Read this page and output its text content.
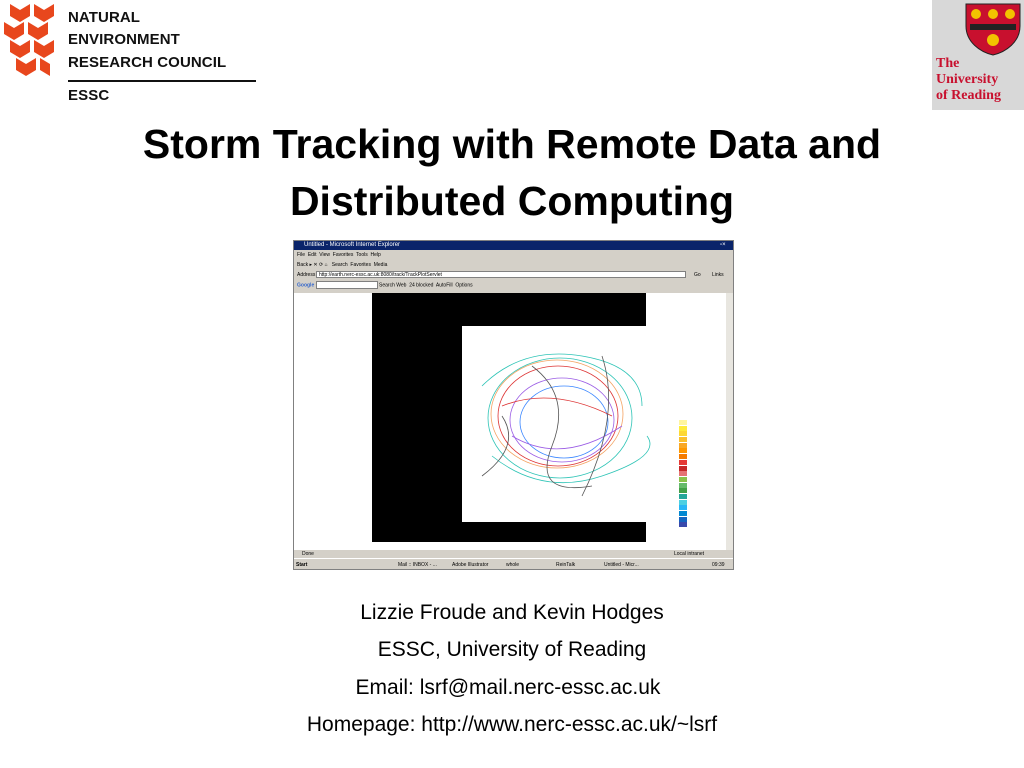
NATURAL
ENVIRONMENT
RESEARCH COUNCIL
ESSC
The
University
of Reading
Storm Tracking with Remote Data and
Distributed Computing
Untitled - Microsoft Internet Explorer	▫×
File Edit View Favorites Tools Help
Back ▸ ✕ ⟳ ⌂   Search Favorites Media
Address http://earth.nerc-essc.ac.uk:8080/track/TrackPlotServlet	Go Links
Google	Search Web 24 blocked AutoFill Options
ABOVE
36.0
34.0
32.0
30.0
28.0
26.0
24.0
22.0
20.0
18.0
16.0
14.0
12.0
10.0
8.0
6.0
4.0
2.0
0.0
BELOW
Done	Local intranet
Start	Mail :: INBOX - ...	Adobe Illustrator	whole	ReinTalk	Untitled - Micr...	09:39
Lizzie Froude and Kevin Hodges
ESSC, University of Reading
Email: lsrf@mail.nerc-essc.ac.uk
Homepage: http://www.nerc-essc.ac.uk/~lsrf
